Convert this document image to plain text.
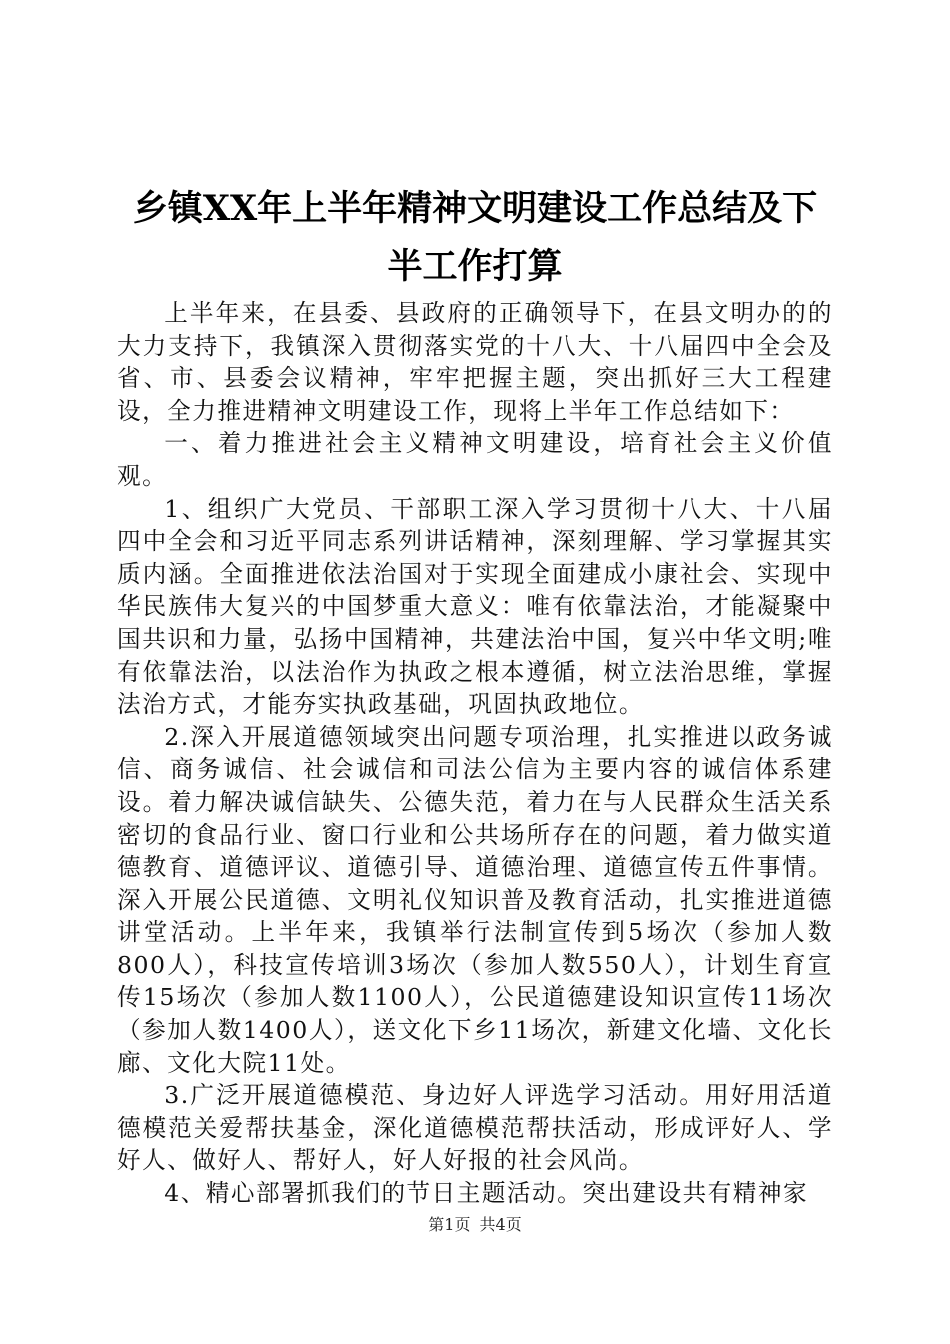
乡镇XX年上半年精神文明建设工作总结及下
半工作打算

上半年来，在县委、县政府的正确领导下，在县文明办的的大力支持下，我镇深入贯彻落实党的十八大、十八届四中全会及省、市、县委会议精神，牢牢把握主题，突出抓好三大工程建设，全力推进精神文明建设工作，现将上半年工作总结如下：

一、着力推进社会主义精神文明建设，培育社会主义价值观。

1、组织广大党员、干部职工深入学习贯彻十八大、十八届四中全会和习近平同志系列讲话精神，深刻理解、学习掌握其实质内涵。全面推进依法治国对于实现全面建成小康社会、实现中华民族伟大复兴的中国梦重大意义：唯有依靠法治，才能凝聚中国共识和力量，弘扬中国精神，共建法治中国，复兴中华文明;唯有依靠法治，以法治作为执政之根本遵循，树立法治思维，掌握法治方式，才能夯实执政基础，巩固执政地位。

2.深入开展道德领域突出问题专项治理，扎实推进以政务诚信、商务诚信、社会诚信和司法公信为主要内容的诚信体系建设。着力解决诚信缺失、公德失范，着力在与人民群众生活关系密切的食品行业、窗口行业和公共场所存在的问题，着力做实道德教育、道德评议、道德引导、道德治理、道德宣传五件事情。深入开展公民道德、文明礼仪知识普及教育活动，扎实推进道德讲堂活动。上半年来，我镇举行法制宣传到5场次（参加人数800人），科技宣传培训3场次（参加人数550人），计划生育宣传15场次（参加人数1100人），公民道德建设知识宣传11场次（参加人数1400人），送文化下乡11场次，新建文化墙、文化长廊、文化大院11处。

3.广泛开展道德模范、身边好人评选学习活动。用好用活道德模范关爱帮扶基金，深化道德模范帮扶活动，形成评好人、学好人、做好人、帮好人，好人好报的社会风尚。

4、精心部署抓我们的节日主题活动。突出建设共有精神家

第1页 共4页
